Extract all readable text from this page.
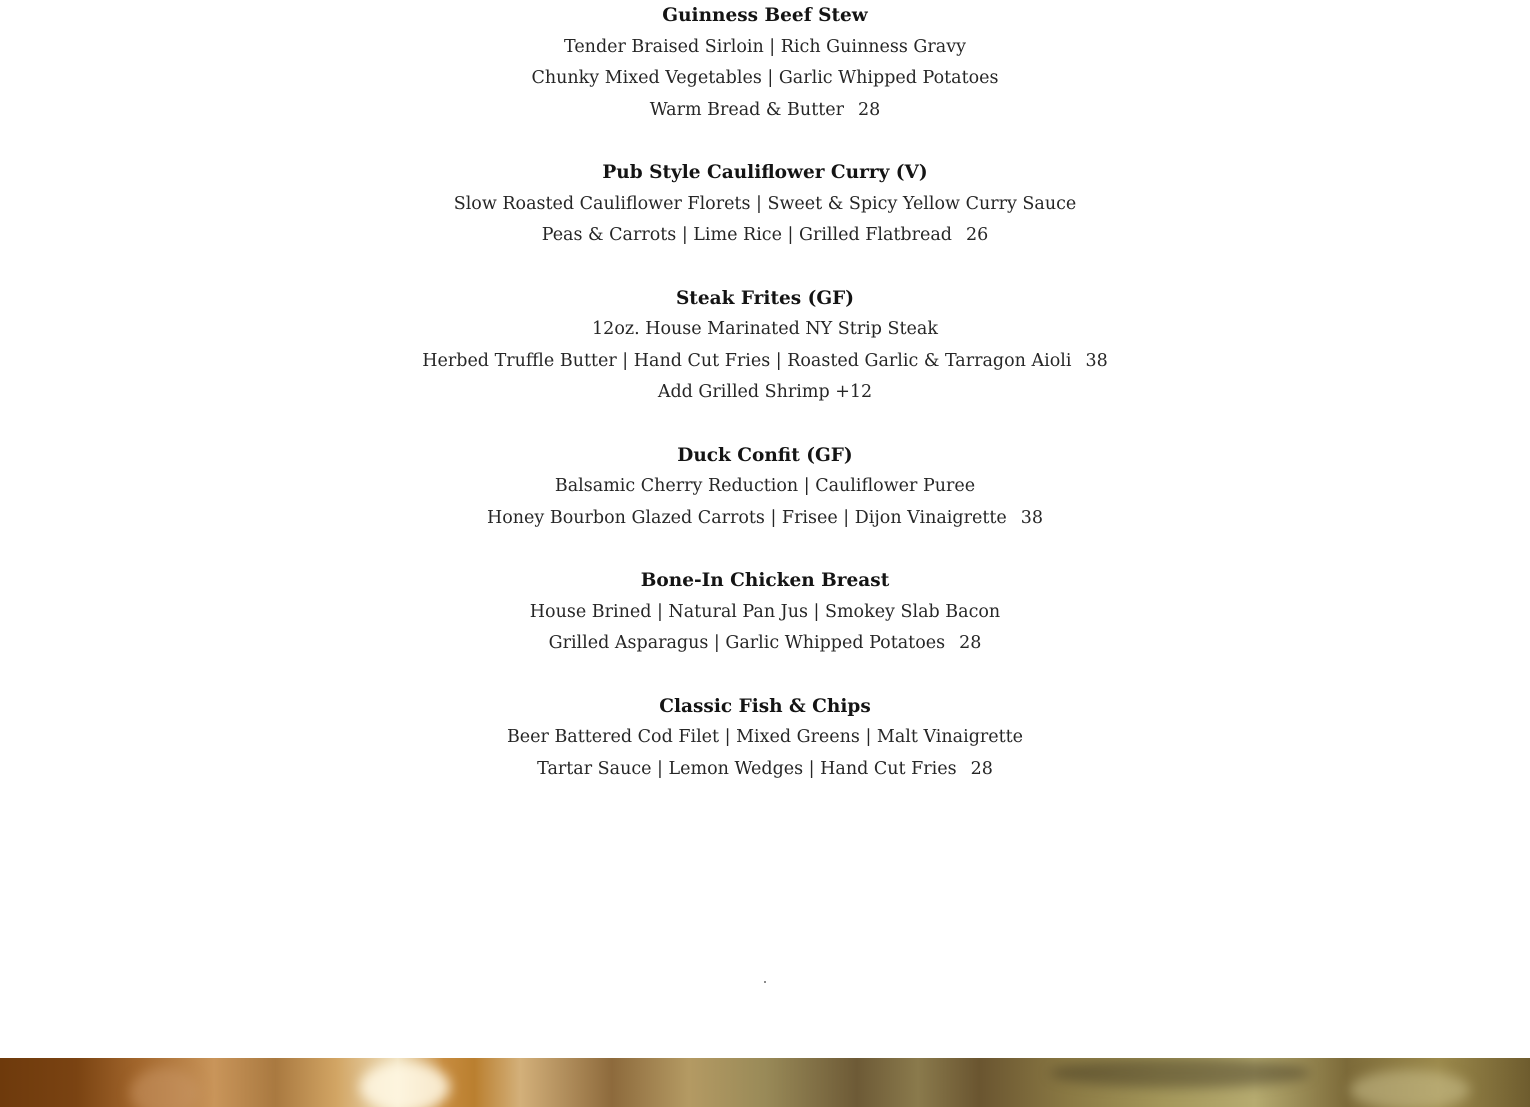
Guinness Beef Stew
Tender Braised Sirloin | Rich Guinness Gravy
Chunky Mixed Vegetables | Garlic Whipped Potatoes
Warm Bread & Butter 28
Pub Style Cauliflower Curry (V)
Slow Roasted Cauliflower Florets | Sweet & Spicy Yellow Curry Sauce
Peas & Carrots | Lime Rice | Grilled Flatbread 26
Steak Frites (GF)
12oz. House Marinated NY Strip Steak
Herbed Truffle Butter | Hand Cut Fries | Roasted Garlic & Tarragon Aioli 38
Add Grilled Shrimp +12
Duck Confit (GF)
Balsamic Cherry Reduction | Cauliflower Puree
Honey Bourbon Glazed Carrots | Frisee | Dijon Vinaigrette 38
Bone-In Chicken Breast
House Brined | Natural Pan Jus | Smokey Slab Bacon
Grilled Asparagus | Garlic Whipped Potatoes 28
Classic Fish & Chips
Beer Battered Cod Filet | Mixed Greens | Malt Vinaigrette
Tartar Sauce | Lemon Wedges | Hand Cut Fries 28
